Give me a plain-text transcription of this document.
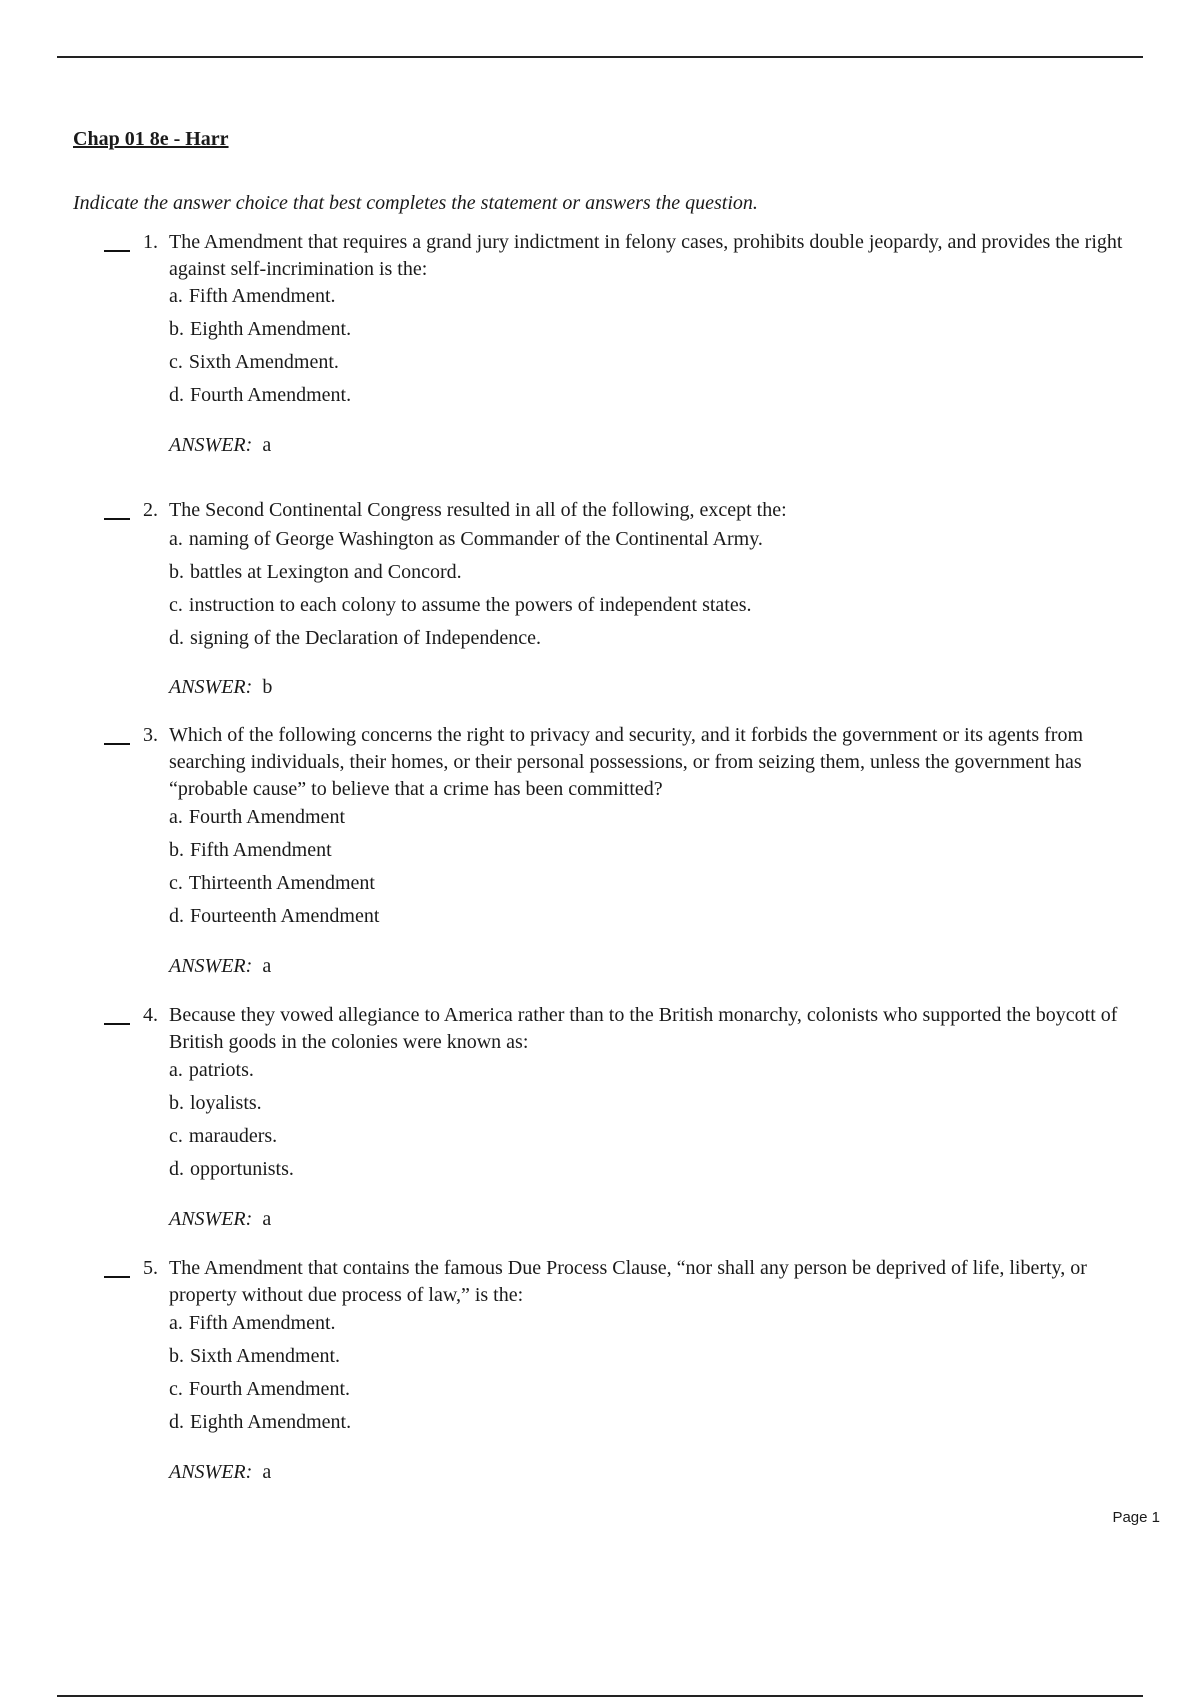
Chap 01 8e - Harr

Indicate the answer choice that best completes the statement or answers the question.

1. The Amendment that requires a grand jury indictment in felony cases, prohibits double jeopardy, and provides the right against self-incrimination is the:

a. Fifth Amendment.
b. Eighth Amendment.
c. Sixth Amendment.
d. Fourth Amendment.
ANSWER: a
2. The Second Continental Congress resulted in all of the following, except the:

a. naming of George Washington as Commander of the Continental Army.
b. battles at Lexington and Concord.
c. instruction to each colony to assume the powers of independent states.
d. signing of the Declaration of Independence.
ANSWER: b
3. Which of the following concerns the right to privacy and security, and it forbids the government or its agents from searching individuals, their homes, or their personal possessions, or from seizing them, unless the government has “probable cause” to believe that a crime has been committed?

a. Fourth Amendment
b. Fifth Amendment
c. Thirteenth Amendment
d. Fourteenth Amendment
ANSWER: a
4. Because they vowed allegiance to America rather than to the British monarchy, colonists who supported the boycott of British goods in the colonies were known as:

a. patriots.
b. loyalists.
c. marauders.
d. opportunists.
ANSWER: a
5. The Amendment that contains the famous Due Process Clause, “nor shall any person be deprived of life, liberty, or property without due process of law,” is the:

a. Fifth Amendment.
b. Sixth Amendment.
c. Fourth Amendment.
d. Eighth Amendment.
ANSWER: a
Page 1
